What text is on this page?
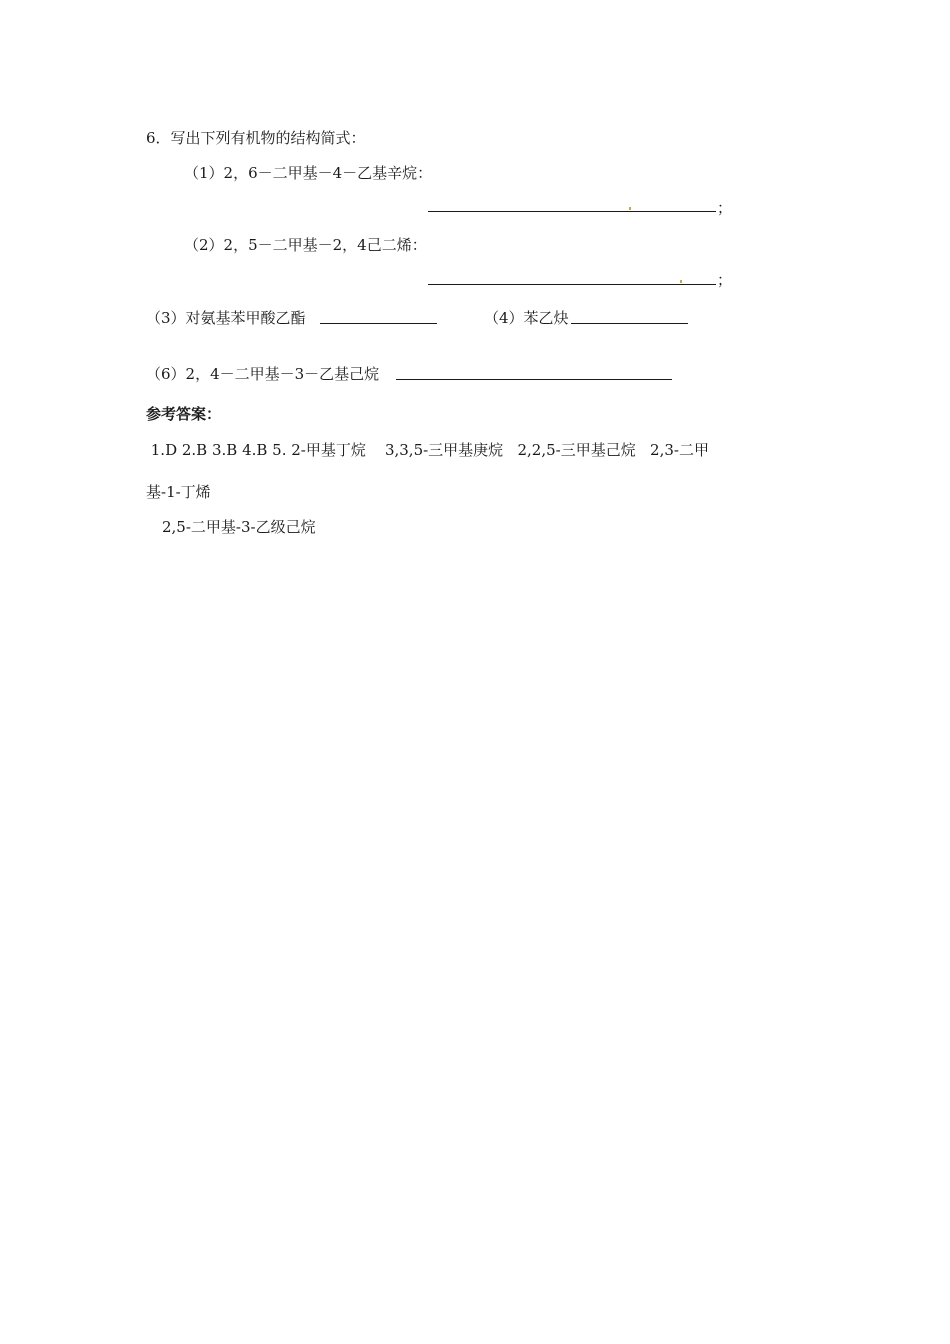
6．写出下列有机物的结构简式：
（1）2，6－二甲基－4－乙基辛烷：
；
（2）2，5－二甲基－2，4己二烯：
；
（3）对氨基苯甲酸乙酯	（4）苯乙炔
（6）2，4－二甲基－3－乙基己烷
参考答案：
1.D 2.B 3.B 4.B 5. 2-甲基丁烷    3,3,5-三甲基庚烷   2,2,5-三甲基己烷   2,3-二甲
基-1-丁烯
2,5-二甲基-3-乙级己烷
